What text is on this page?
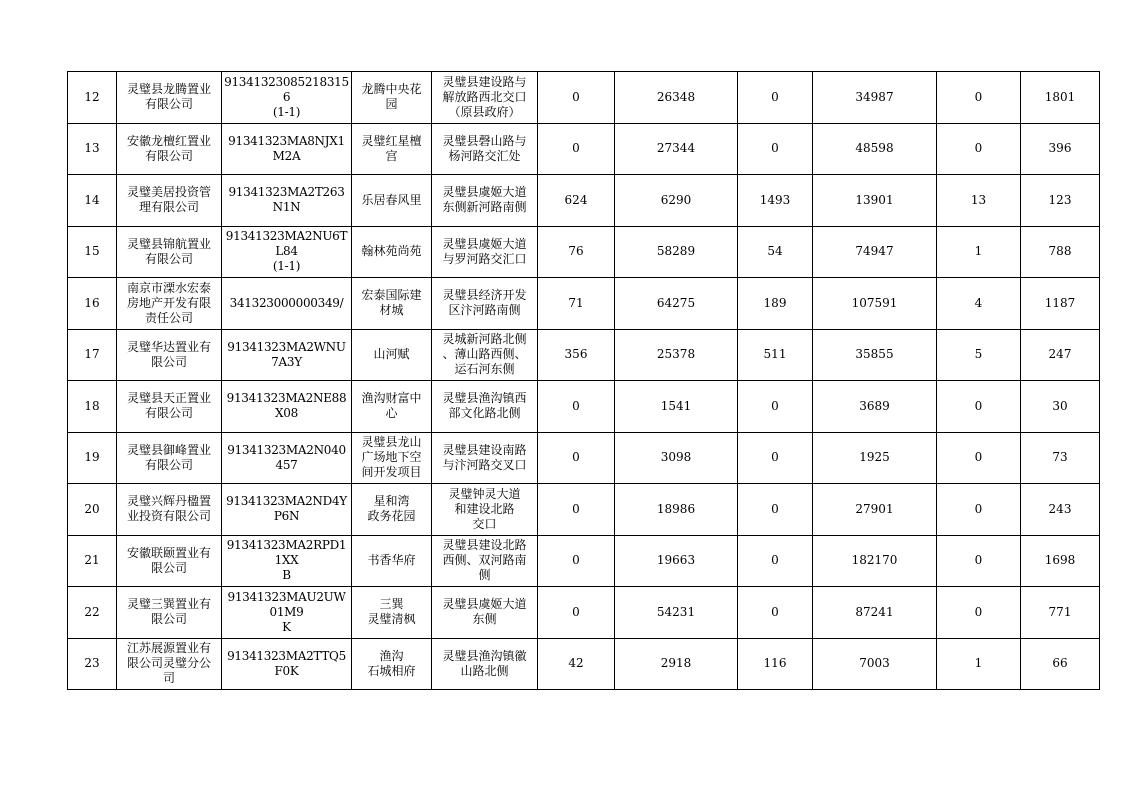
12	灵璧县龙腾置业
有限公司	913413230852183156
(1-1)	龙腾中央花
园	灵璧县建设路与
解放路西北交口
（原县政府）	0	26348	0	34987	0	1801
13	安徽龙檀红置业
有限公司	91341323MA8NJX1M2A	灵璧红星檀
宫	灵璧县磬山路与
杨河路交汇处	0	27344	0	48598	0	396
14	灵璧美居投资管
理有限公司	91341323MA2T263N1N	乐居春风里	灵璧县虞姬大道
东侧新河路南侧	624	6290	1493	13901	13	123
15	灵璧县锦航置业
有限公司	91341323MA2NU6TL84
(1-1)	翰林苑尚苑	灵璧县虞姬大道
与罗河路交汇口	76	58289	54	74947	1	788
16	南京市溧水宏泰
房地产开发有限
责任公司	341323000000349/	宏泰国际建
材城	灵璧县经济开发
区汴河路南侧	71	64275	189	107591	4	1187
17	灵璧华达置业有
限公司	91341323MA2WNU7A3Y	山河赋	灵城新河路北侧
、薄山路西侧、
运石河东侧	356	25378	511	35855	5	247
18	灵璧县天正置业
有限公司	91341323MA2NE88X08	渔沟财富中
心	灵璧县渔沟镇西
部文化路北侧	0	1541	0	3689	0	30
19	灵璧县御峰置业
有限公司	91341323MA2N040457	灵璧县龙山
广场地下空
间开发项目	灵璧县建设南路
与汴河路交叉口	0	3098	0	1925	0	73
20	灵璧兴辉丹楹置
业投资有限公司	91341323MA2ND4YP6N	星和湾
政务花园	灵璧钟灵大道
和建设北路
交口	0	18986	0	27901	0	243
21	安徽联颐置业有
限公司	91341323MA2RPD11XX
B	书香华府	灵璧县建设北路
西侧、双河路南
侧	0	19663	0	182170	0	1698
22	灵璧三巽置业有
限公司	91341323MAU2UW01M9
K	三巽
灵璧清枫	灵璧县虞姬大道
东侧	0	54231	0	87241	0	771
23	江苏展源置业有
限公司灵璧分公
司	91341323MA2TTQ5F0K	渔沟
石城相府	灵璧县渔沟镇徽
山路北侧	42	2918	116	7003	1	66
